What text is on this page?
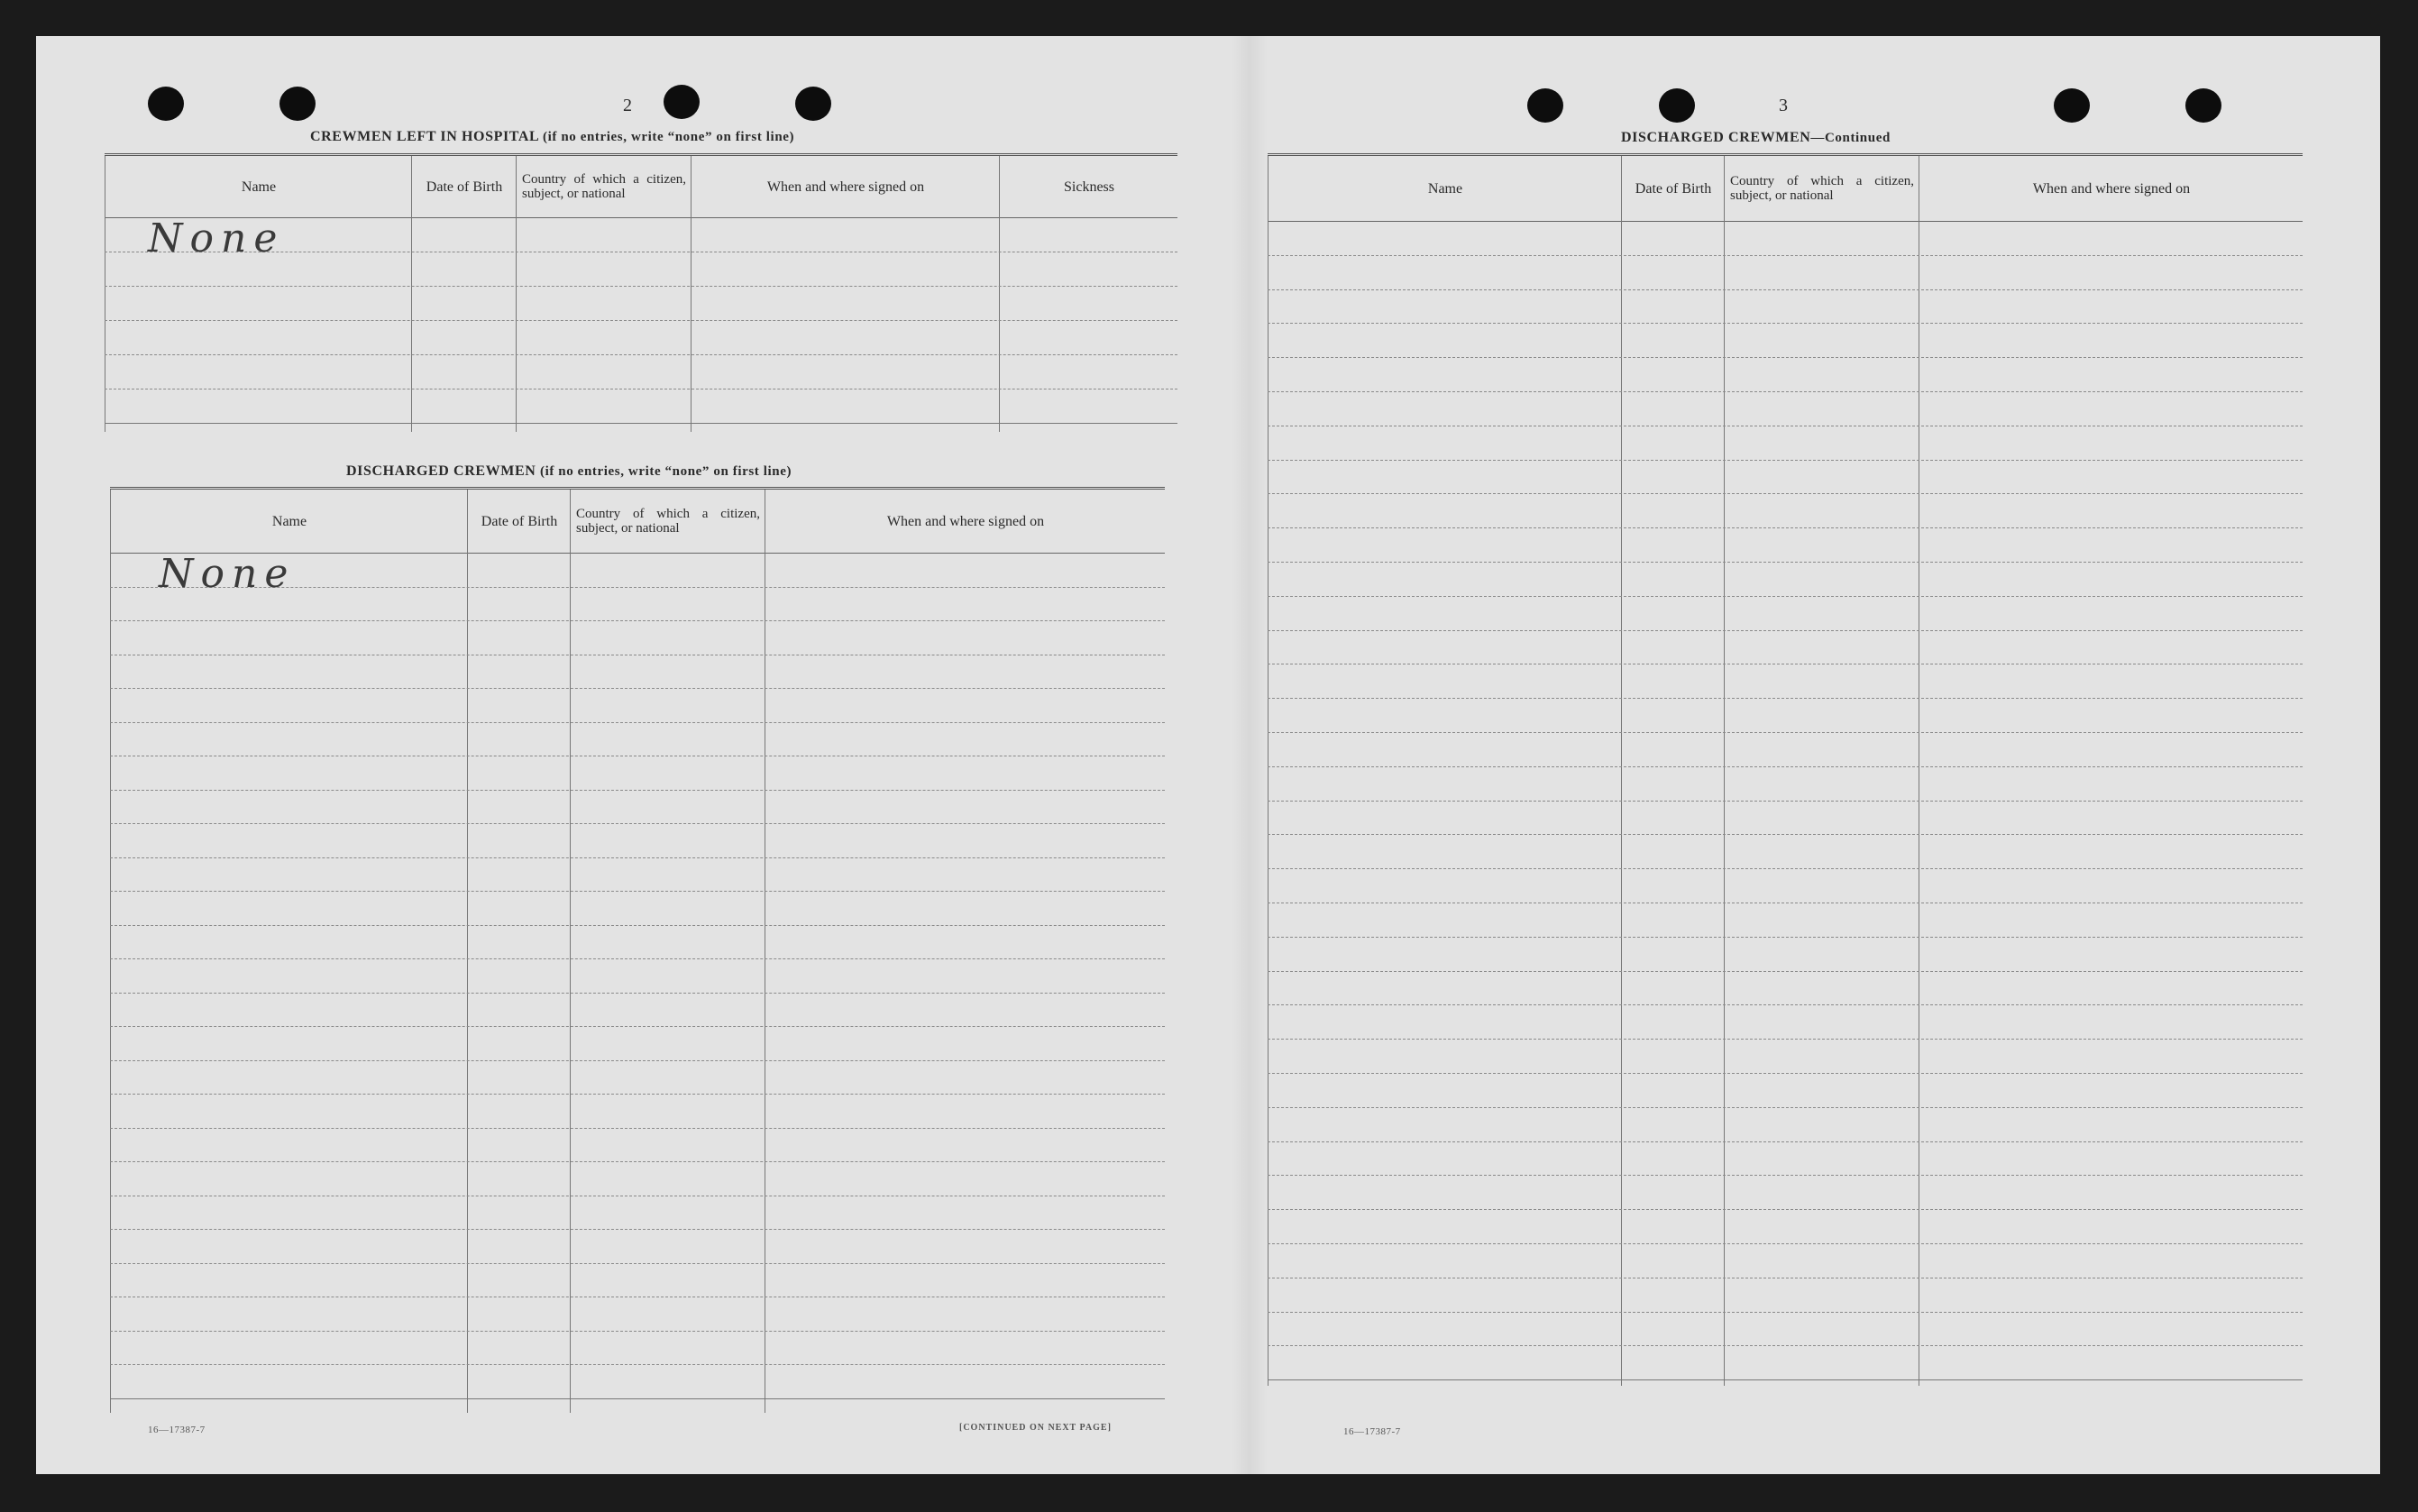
2
CREWMEN LEFT IN HOSPITAL (if no entries, write “none” on first line)
Name	Date of Birth	Country of which a citizen, subject, or national	When and where signed on	Sickness
None
DISCHARGED CREWMEN (if no entries, write “none” on first line)
Name	Date of Birth	Country of which a citizen, subject, or national	When and where signed on
None
16—17387-7	[CONTINUED ON NEXT PAGE]
3
DISCHARGED CREWMEN—Continued
Name	Date of Birth	Country of which a citizen, subject, or national	When and where signed on
16—17387-7
